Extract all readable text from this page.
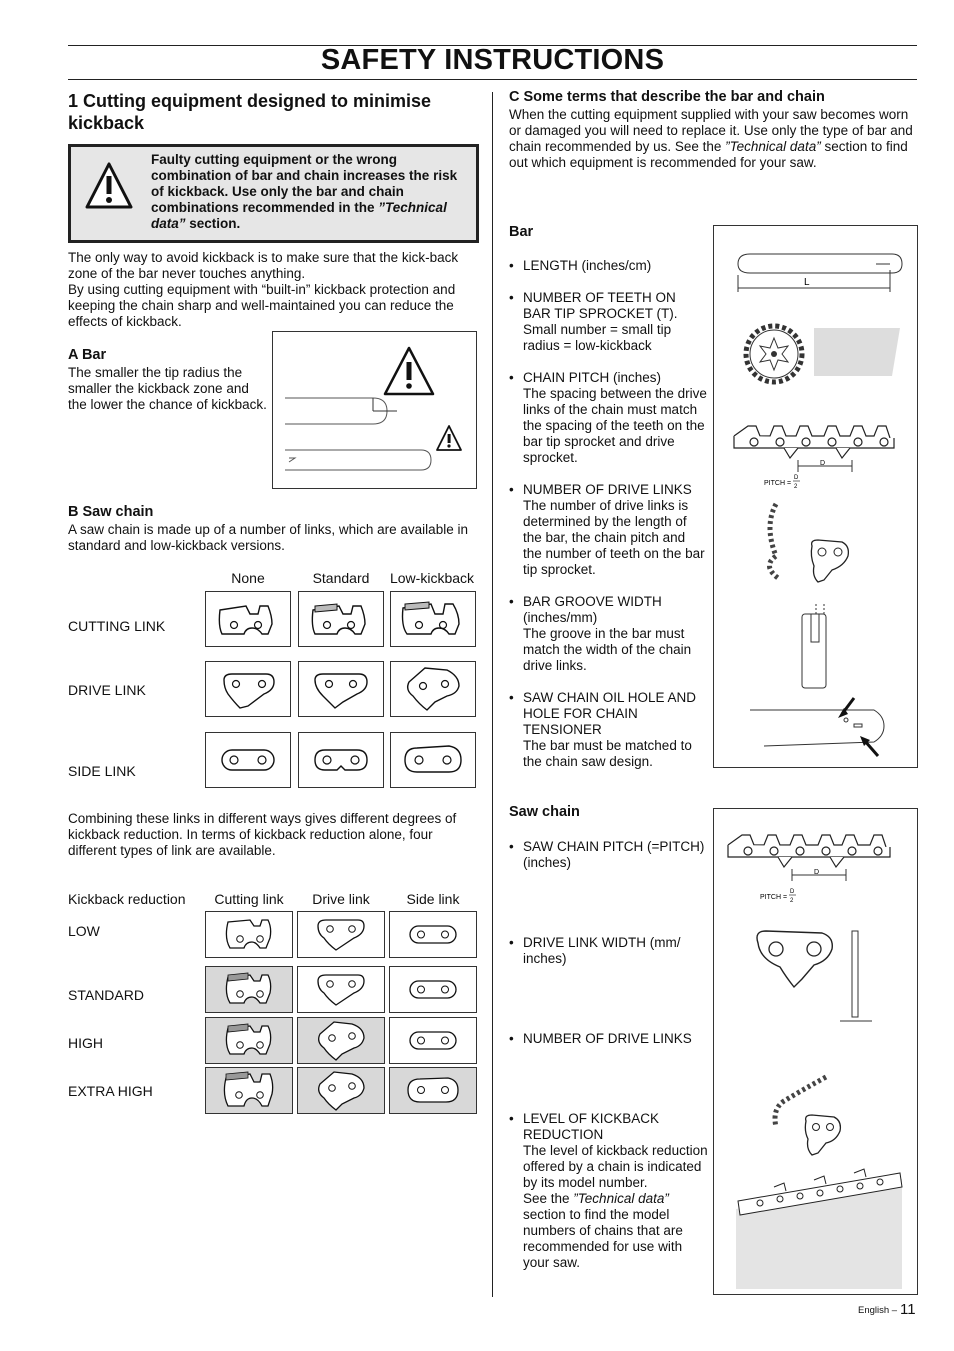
SAFETY INSTRUCTIONS
1 Cutting equipment designed to minimise kickback
Faulty cutting equipment or the wrong combination of bar and chain increases the risk of kickback. Use only the bar and chain combinations recommended in the ”Technical data” section.
The only way to avoid kickback is to make sure that the kick-back zone of the bar never touches anything.
By using cutting equipment with “built-in” kickback protection and keeping the chain sharp and well-maintained you can reduce the effects of kickback.
A Bar
The smaller the tip radius the smaller the kickback zone and the lower the chance of kickback.
B Saw chain
A saw chain is made up of a number of links, which are available in standard and low-kickback versions.
None	Standard	Low-kickback
CUTTING LINK
DRIVE LINK
SIDE LINK
Combining these links in different ways gives different degrees of kickback reduction. In terms of kickback reduction alone, four different types of link are available.
Kickback reduction	Cutting link	Drive link	Side link
LOW
STANDARD
HIGH
EXTRA HIGH
C Some terms that describe the bar and chain
When the cutting equipment supplied with your saw becomes worn or damaged you will need to replace it. Use only the type of bar and chain recommended by us. See the ”Technical data” section to find out which equipment is recommended for your saw.
Bar
• LENGTH (inches/cm)
• NUMBER OF TEETH ON BAR TIP SPROCKET (T). Small number = small tip radius = low-kickback
• CHAIN PITCH (inches)
The spacing between the drive links of the chain must match the spacing of the teeth on the bar tip sprocket and drive sprocket.
• NUMBER OF DRIVE LINKS
The number of drive links is determined by the length of the bar, the chain pitch and the number of teeth on the bar tip sprocket.
• BAR GROOVE WIDTH (inches/mm)
The groove in the bar must match the width of the chain drive links.
• SAW CHAIN OIL HOLE AND HOLE FOR CHAIN TENSIONER
The bar must be matched to the chain saw design.
L
D
PITCH =
D
2
Saw chain
• SAW CHAIN PITCH (=PITCH) (inches)
• DRIVE LINK WIDTH (mm/ inches)
• NUMBER OF DRIVE LINKS
• LEVEL OF KICKBACK REDUCTION
The level of kickback reduction offered by a chain is indicated by its model number.
See the ”Technical data” section to find the model numbers of chains that are recommended for use with your saw.
D
PITCH =
D
2
English – 11
